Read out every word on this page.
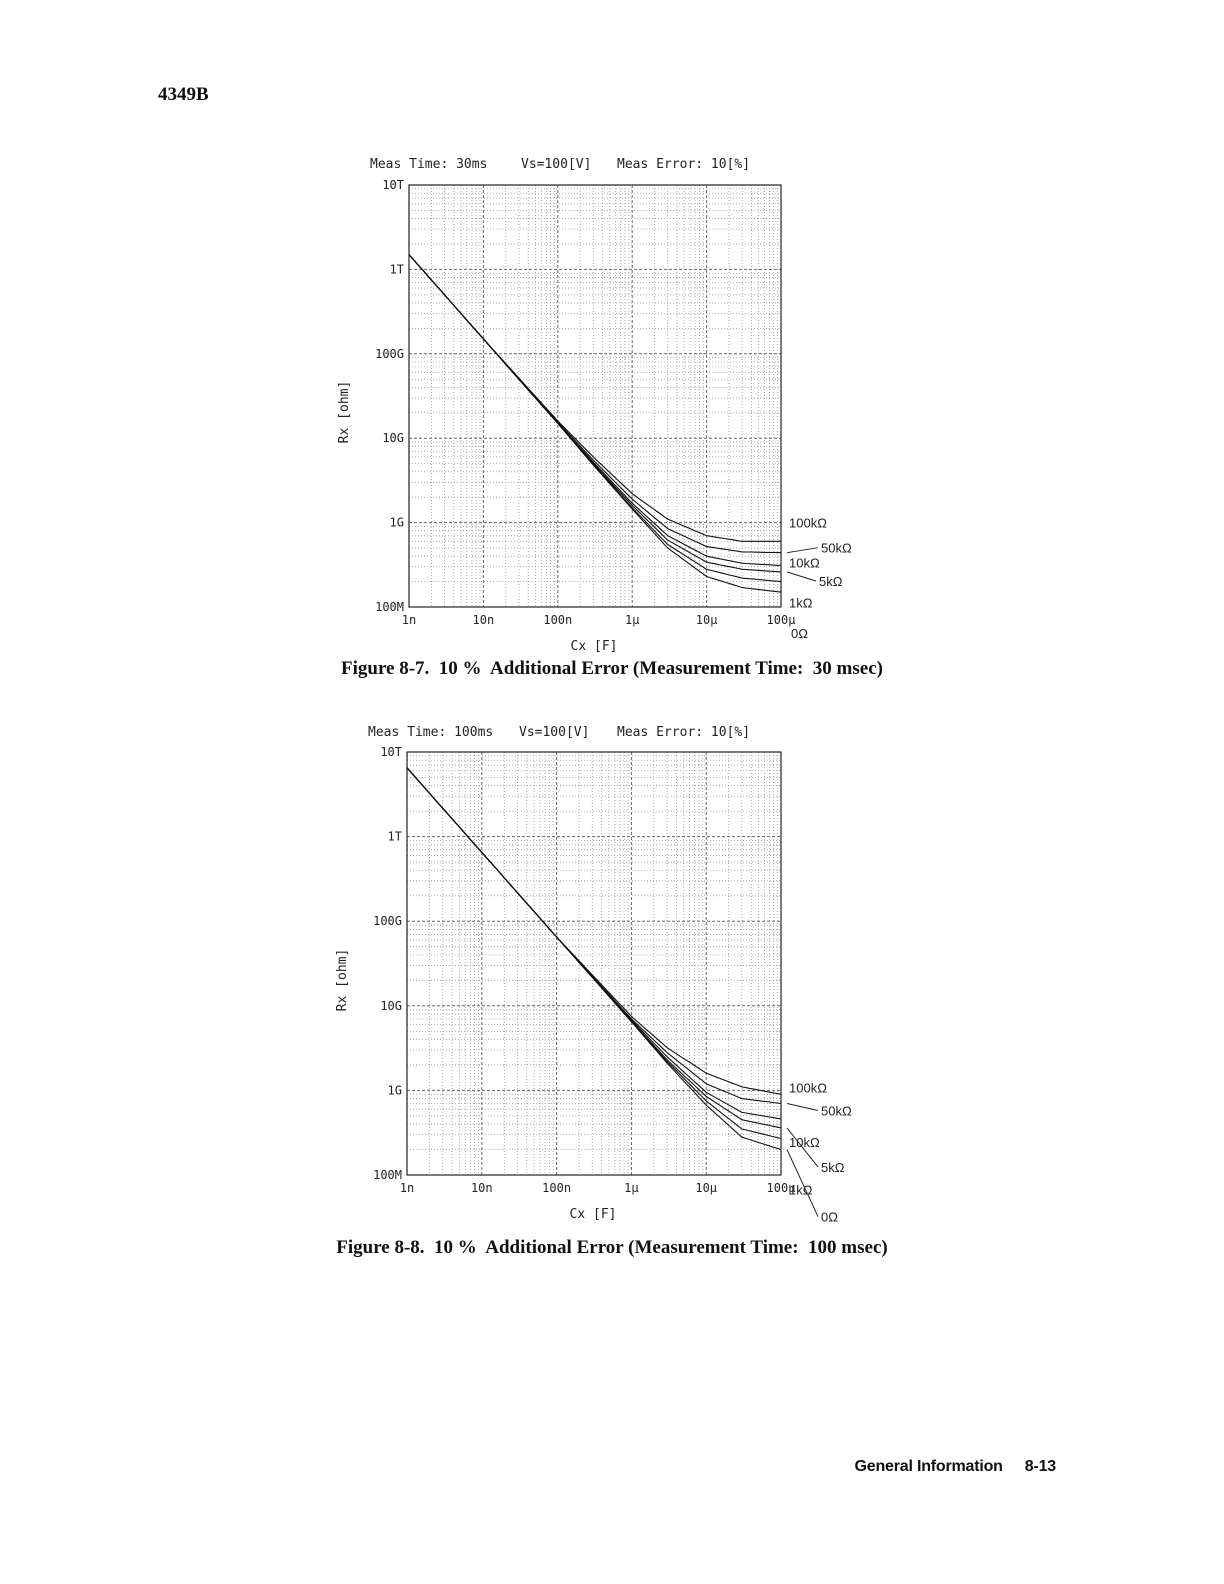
4349B
Meas Time: 30ms	Vs=100[V] Meas Error: 10[%]
Rx [ohm]
Cx [F]
1n	10n	100n	1μ	10μ	100μ
10T
1T
100G
10G
1G
100M
100kΩ
50kΩ
10kΩ
5kΩ
1kΩ
0Ω
Figure 8-7.  10 %  Additional Error (Measurement Time:  30 msec)
Meas Time: 100ms Vs=100[V] Meas Error: 10[%]
Rx [ohm]
Cx [F]
1n	10n	100n	1μ	10μ	100μ
10T
1T
100G
10G
1G
100M
100kΩ
50kΩ
10kΩ
5kΩ
1kΩ
0Ω
Figure 8-8.  10 %  Additional Error (Measurement Time:  100 msec)
General Information 8-13
